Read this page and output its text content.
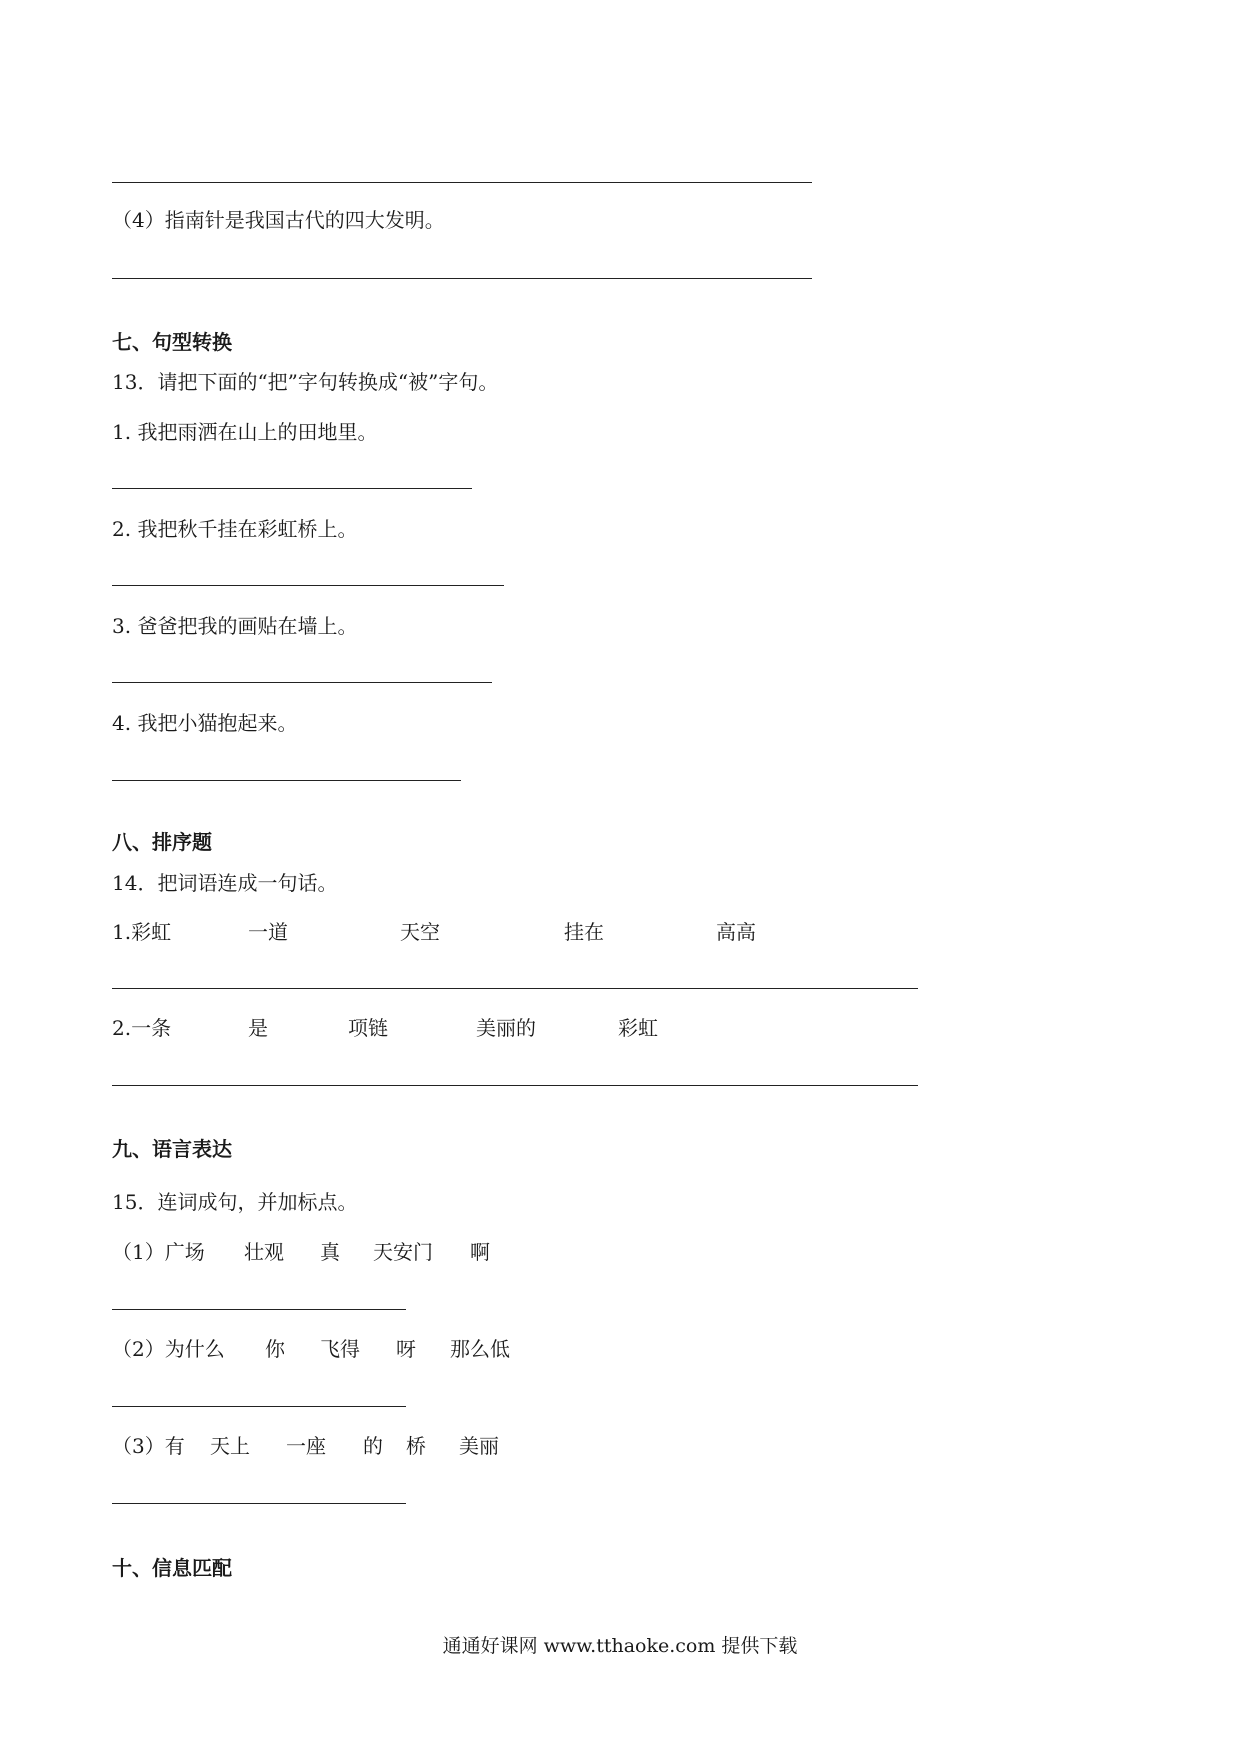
（4）指南针是我国古代的四大发明。
七、句型转换
13．请把下面的“把”字句转换成“被”字句。
1. 我把雨洒在山上的田地里。
2. 我把秋千挂在彩虹桥上。
3. 爸爸把我的画贴在墙上。
4. 我把小猫抱起来。
八、排序题
14．把词语连成一句话。
1.彩虹	一道	天空	挂在	高高
2.一条	是	项链	美丽的	彩虹
九、语言表达
15．连词成句，并加标点。
（1）广场 壮观 真 天安门 啊
（2）为什么 你 飞得 呀 那么低
（3）有 天上 一座 的 桥 美丽
十、信息匹配
通通好课网 www.tthaoke.com 提供下载
